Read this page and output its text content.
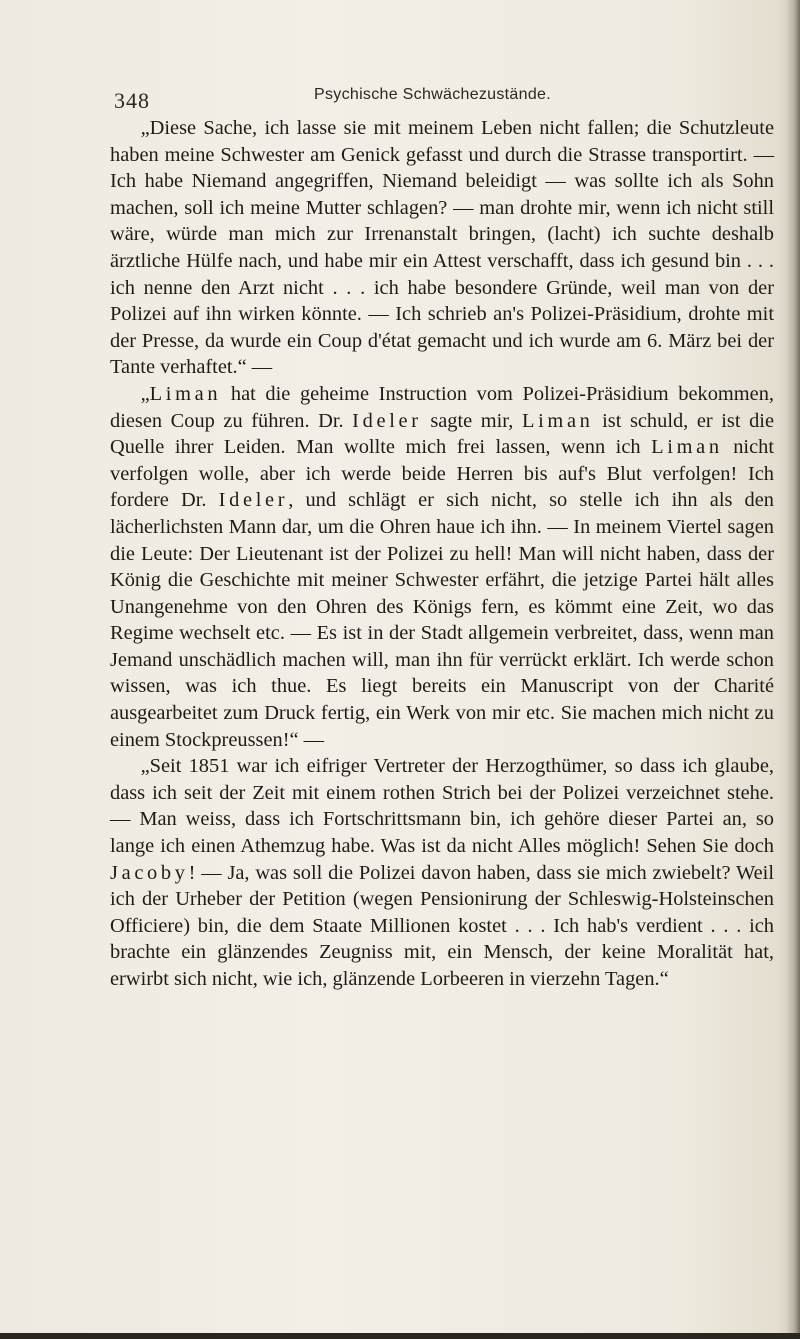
348	Psychische Schwächezustände.

„Diese Sache, ich lasse sie mit meinem Leben nicht fallen; die Schutzleute haben meine Schwester am Genick gefasst und durch die Strasse transportirt. — Ich habe Niemand angegriffen, Niemand beleidigt — was sollte ich als Sohn machen, soll ich meine Mutter schlagen? — man drohte mir, wenn ich nicht still wäre, würde man mich zur Irrenanstalt bringen, (lacht) ich suchte deshalb ärztliche Hülfe nach, und habe mir ein Attest verschafft, dass ich gesund bin . . . ich nenne den Arzt nicht . . . ich habe besondere Gründe, weil man von der Polizei auf ihn wirken könnte. — Ich schrieb an's Polizei-Präsidium, drohte mit der Presse, da wurde ein Coup d'état gemacht und ich wurde am 6. März bei der Tante verhaftet.“ —

„Liman hat die geheime Instruction vom Polizei-Präsidium bekommen, diesen Coup zu führen. Dr. Ideler sagte mir, Liman ist schuld, er ist die Quelle ihrer Leiden. Man wollte mich frei lassen, wenn ich Liman nicht verfolgen wolle, aber ich werde beide Herren bis auf's Blut verfolgen! Ich fordere Dr. Ideler, und schlägt er sich nicht, so stelle ich ihn als den lächerlichsten Mann dar, um die Ohren haue ich ihn. — In meinem Viertel sagen die Leute: Der Lieutenant ist der Polizei zu hell! Man will nicht haben, dass der König die Geschichte mit meiner Schwester erfährt, die jetzige Partei hält alles Unangenehme von den Ohren des Königs fern, es kömmt eine Zeit, wo das Regime wechselt etc. — Es ist in der Stadt allgemein verbreitet, dass, wenn man Jemand unschädlich machen will, man ihn für verrückt erklärt. Ich werde schon wissen, was ich thue. Es liegt bereits ein Manuscript von der Charité ausgearbeitet zum Druck fertig, ein Werk von mir etc. Sie machen mich nicht zu einem Stockpreussen!“ —

„Seit 1851 war ich eifriger Vertreter der Herzogthümer, so dass ich glaube, dass ich seit der Zeit mit einem rothen Strich bei der Polizei verzeichnet stehe. — Man weiss, dass ich Fortschrittsmann bin, ich gehöre dieser Partei an, so lange ich einen Athemzug habe. Was ist da nicht Alles möglich! Sehen Sie doch Jacoby! — Ja, was soll die Polizei davon haben, dass sie mich zwiebelt? Weil ich der Urheber der Petition (wegen Pensionirung der Schleswig-Holsteinschen Officiere) bin, die dem Staate Millionen kostet . . . Ich hab's verdient . . . ich brachte ein glänzendes Zeugniss mit, ein Mensch, der keine Moralität hat, erwirbt sich nicht, wie ich, glänzende Lorbeeren in vierzehn Tagen.“
